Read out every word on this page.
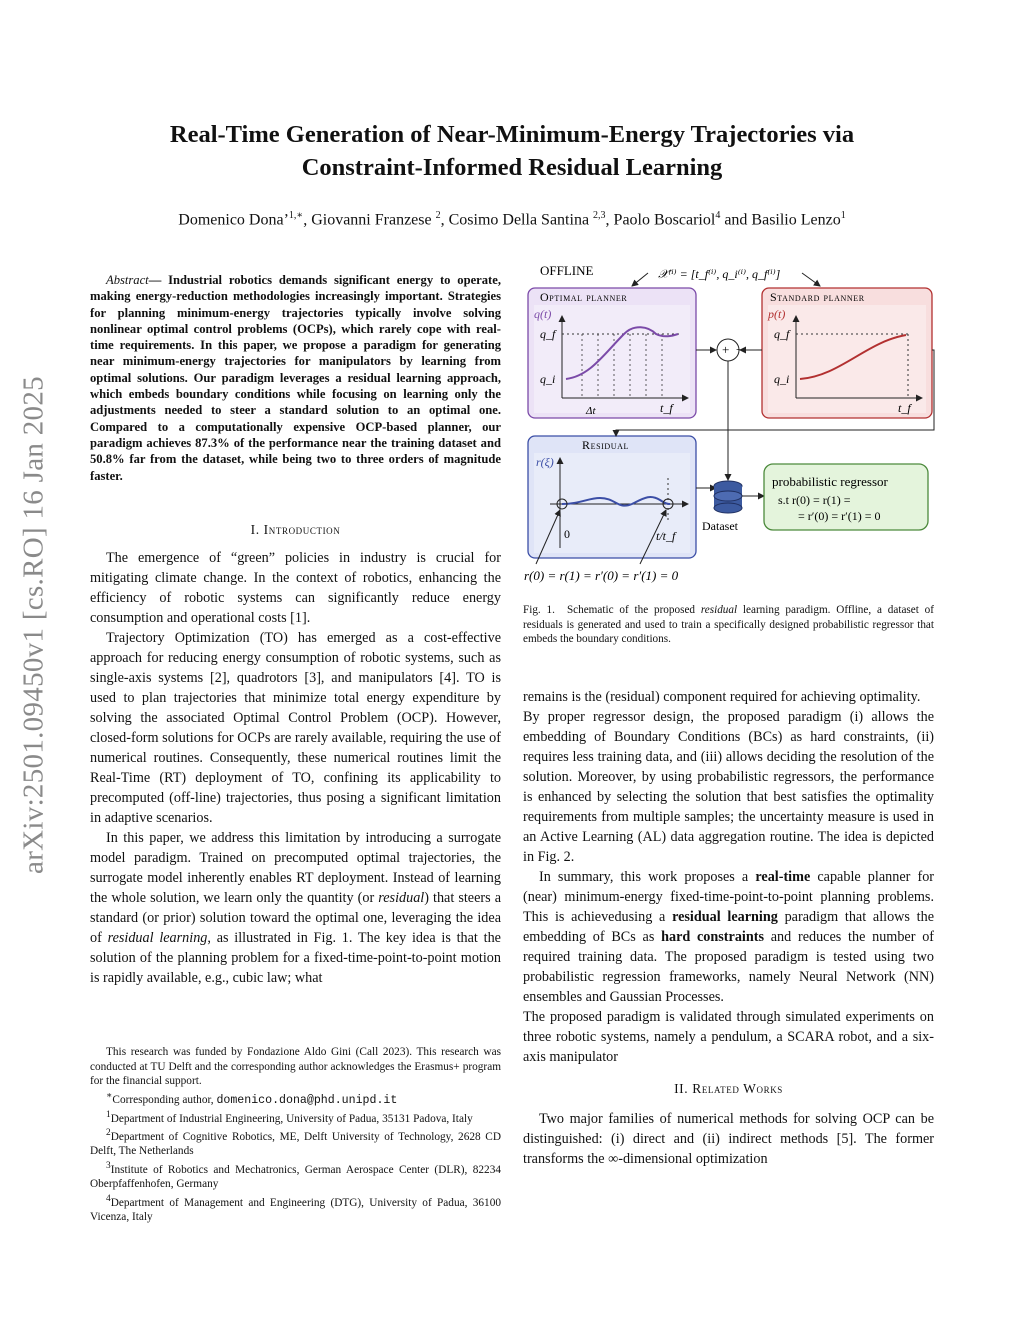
arXiv:2501.09450v1 [cs.RO] 16 Jan 2025
Real-Time Generation of Near-Minimum-Energy Trajectories via
Constraint-Informed Residual Learning
Domenico Dona’$^{1,∗}$, Giovanni Franzese $^2$, Cosimo Della Santina $^{2,3}$, Paolo Boscariol$^4$ and Basilio Lenzo$^1$
Abstract— Industrial robotics demands significant energy to operate, making energy-reduction methodologies increasingly important. Strategies for planning minimum-energy trajectories typically involve solving nonlinear optimal control problems (OCPs), which rarely cope with real-time requirements. In this paper, we propose a paradigm for generating near minimum-energy trajectories for manipulators by learning from optimal solutions. Our paradigm leverages a residual learning approach, which embeds boundary conditions while focusing on learning only the adjustments needed to steer a standard solution to an optimal one. Compared to a computationally expensive OCP-based planner, our paradigm achieves 87.3% of the performance near the training dataset and 50.8% far from the dataset, while being two to three orders of magnitude faster.

I. Introduction

The emergence of “green” policies in industry is crucial for mitigating climate change. In the context of robotics, enhancing the efficiency of robotic systems can significantly reduce energy consumption and operational costs [1].

Trajectory Optimization (TO) has emerged as a cost-effective approach for reducing energy consumption of robotic systems, such as single-axis systems [2], quadrotors [3], and manipulators [4]. TO is used to plan trajectories that minimize total energy expenditure by solving the associated Optimal Control Problem (OCP). However, closed-form solutions for OCPs are rarely available, requiring the use of numerical routines. Consequently, these numerical routines limit the Real-Time (RT) deployment of TO, confining its applicability to precomputed (off-line) trajectories, thus posing a significant limitation in adaptive scenarios.

In this paper, we address this limitation by introducing a surrogate model paradigm. Trained on precomputed optimal trajectories, the surrogate model inherently enables RT deployment. Instead of learning the whole solution, we learn only the quantity (or residual) that steers a standard (or prior) solution toward the optimal one, leveraging the idea of residual learning, as illustrated in Fig. 1. The key idea is that the solution of the planning problem for a fixed-time-point-to-point motion is rapidly available, e.g., cubic law; what

This research was funded by Fondazione Aldo Gini (Call 2023). This research was conducted at TU Delft and the corresponding author acknowledges the Erasmus+ program for the financial support.

∗Corresponding author, domenico.dona@phd.unipd.it

$^1$Department of Industrial Engineering, University of Padua, 35131 Padova, Italy

$^2$Department of Cognitive Robotics, ME, Delft University of Technology, 2628 CD Delft, The Netherlands

$^3$Institute of Robotics and Mechatronics, German Aerospace Center (DLR), 82234 Oberpfaffenhofen, Germany

$^4$Department of Management and Engineering (DTG), University of Padua, 36100 Vicenza, Italy

OFFLINE	𝒳⁽ⁱ⁾ = [t_f⁽ⁱ⁾, q_i⁽ⁱ⁾, q_f⁽ⁱ⁾]
Optimal planner
q(t)
q_f
q_i
Δt	t_f
Standard planner
p(t)
q_f
q_i
t_f
+ −
Residual
r(ξ)
0	t/t_f
Dataset
probabilistic regressor
s.t r(0) = r(1) =
= r′(0) = r′(1) = 0
r(0) = r(1) = r′(0) = r′(1) = 0
Fig. 1. Schematic of the proposed residual learning paradigm. Offline, a dataset of residuals is generated and used to train a specifically designed probabilistic regressor that embeds the boundary conditions.

remains is the (residual) component required for achieving optimality.

By proper regressor design, the proposed paradigm (i) allows the embedding of Boundary Conditions (BCs) as hard constraints, (ii) requires less training data, and (iii) allows deciding the resolution of the solution. Moreover, by using probabilistic regressors, the performance is enhanced by selecting the solution that best satisfies the optimality requirements from multiple samples; the uncertainty measure is used in an Active Learning (AL) data aggregation routine. The idea is depicted in Fig. 2.

In summary, this work proposes a real-time capable planner for (near) minimum-energy fixed-time-point-to-point planning problems. This is achievedusing a residual learning paradigm that allows the embedding of BCs as hard constraints and reduces the number of required training data. The proposed paradigm is tested using two probabilistic regression frameworks, namely Neural Network (NN) ensembles and Gaussian Processes.

The proposed paradigm is validated through simulated experiments on three robotic systems, namely a pendulum, a SCARA robot, and a six-axis manipulator

II. Related Works

Two major families of numerical methods for solving OCP can be distinguished: (i) direct and (ii) indirect methods [5]. The former transforms the ∞-dimensional optimization
